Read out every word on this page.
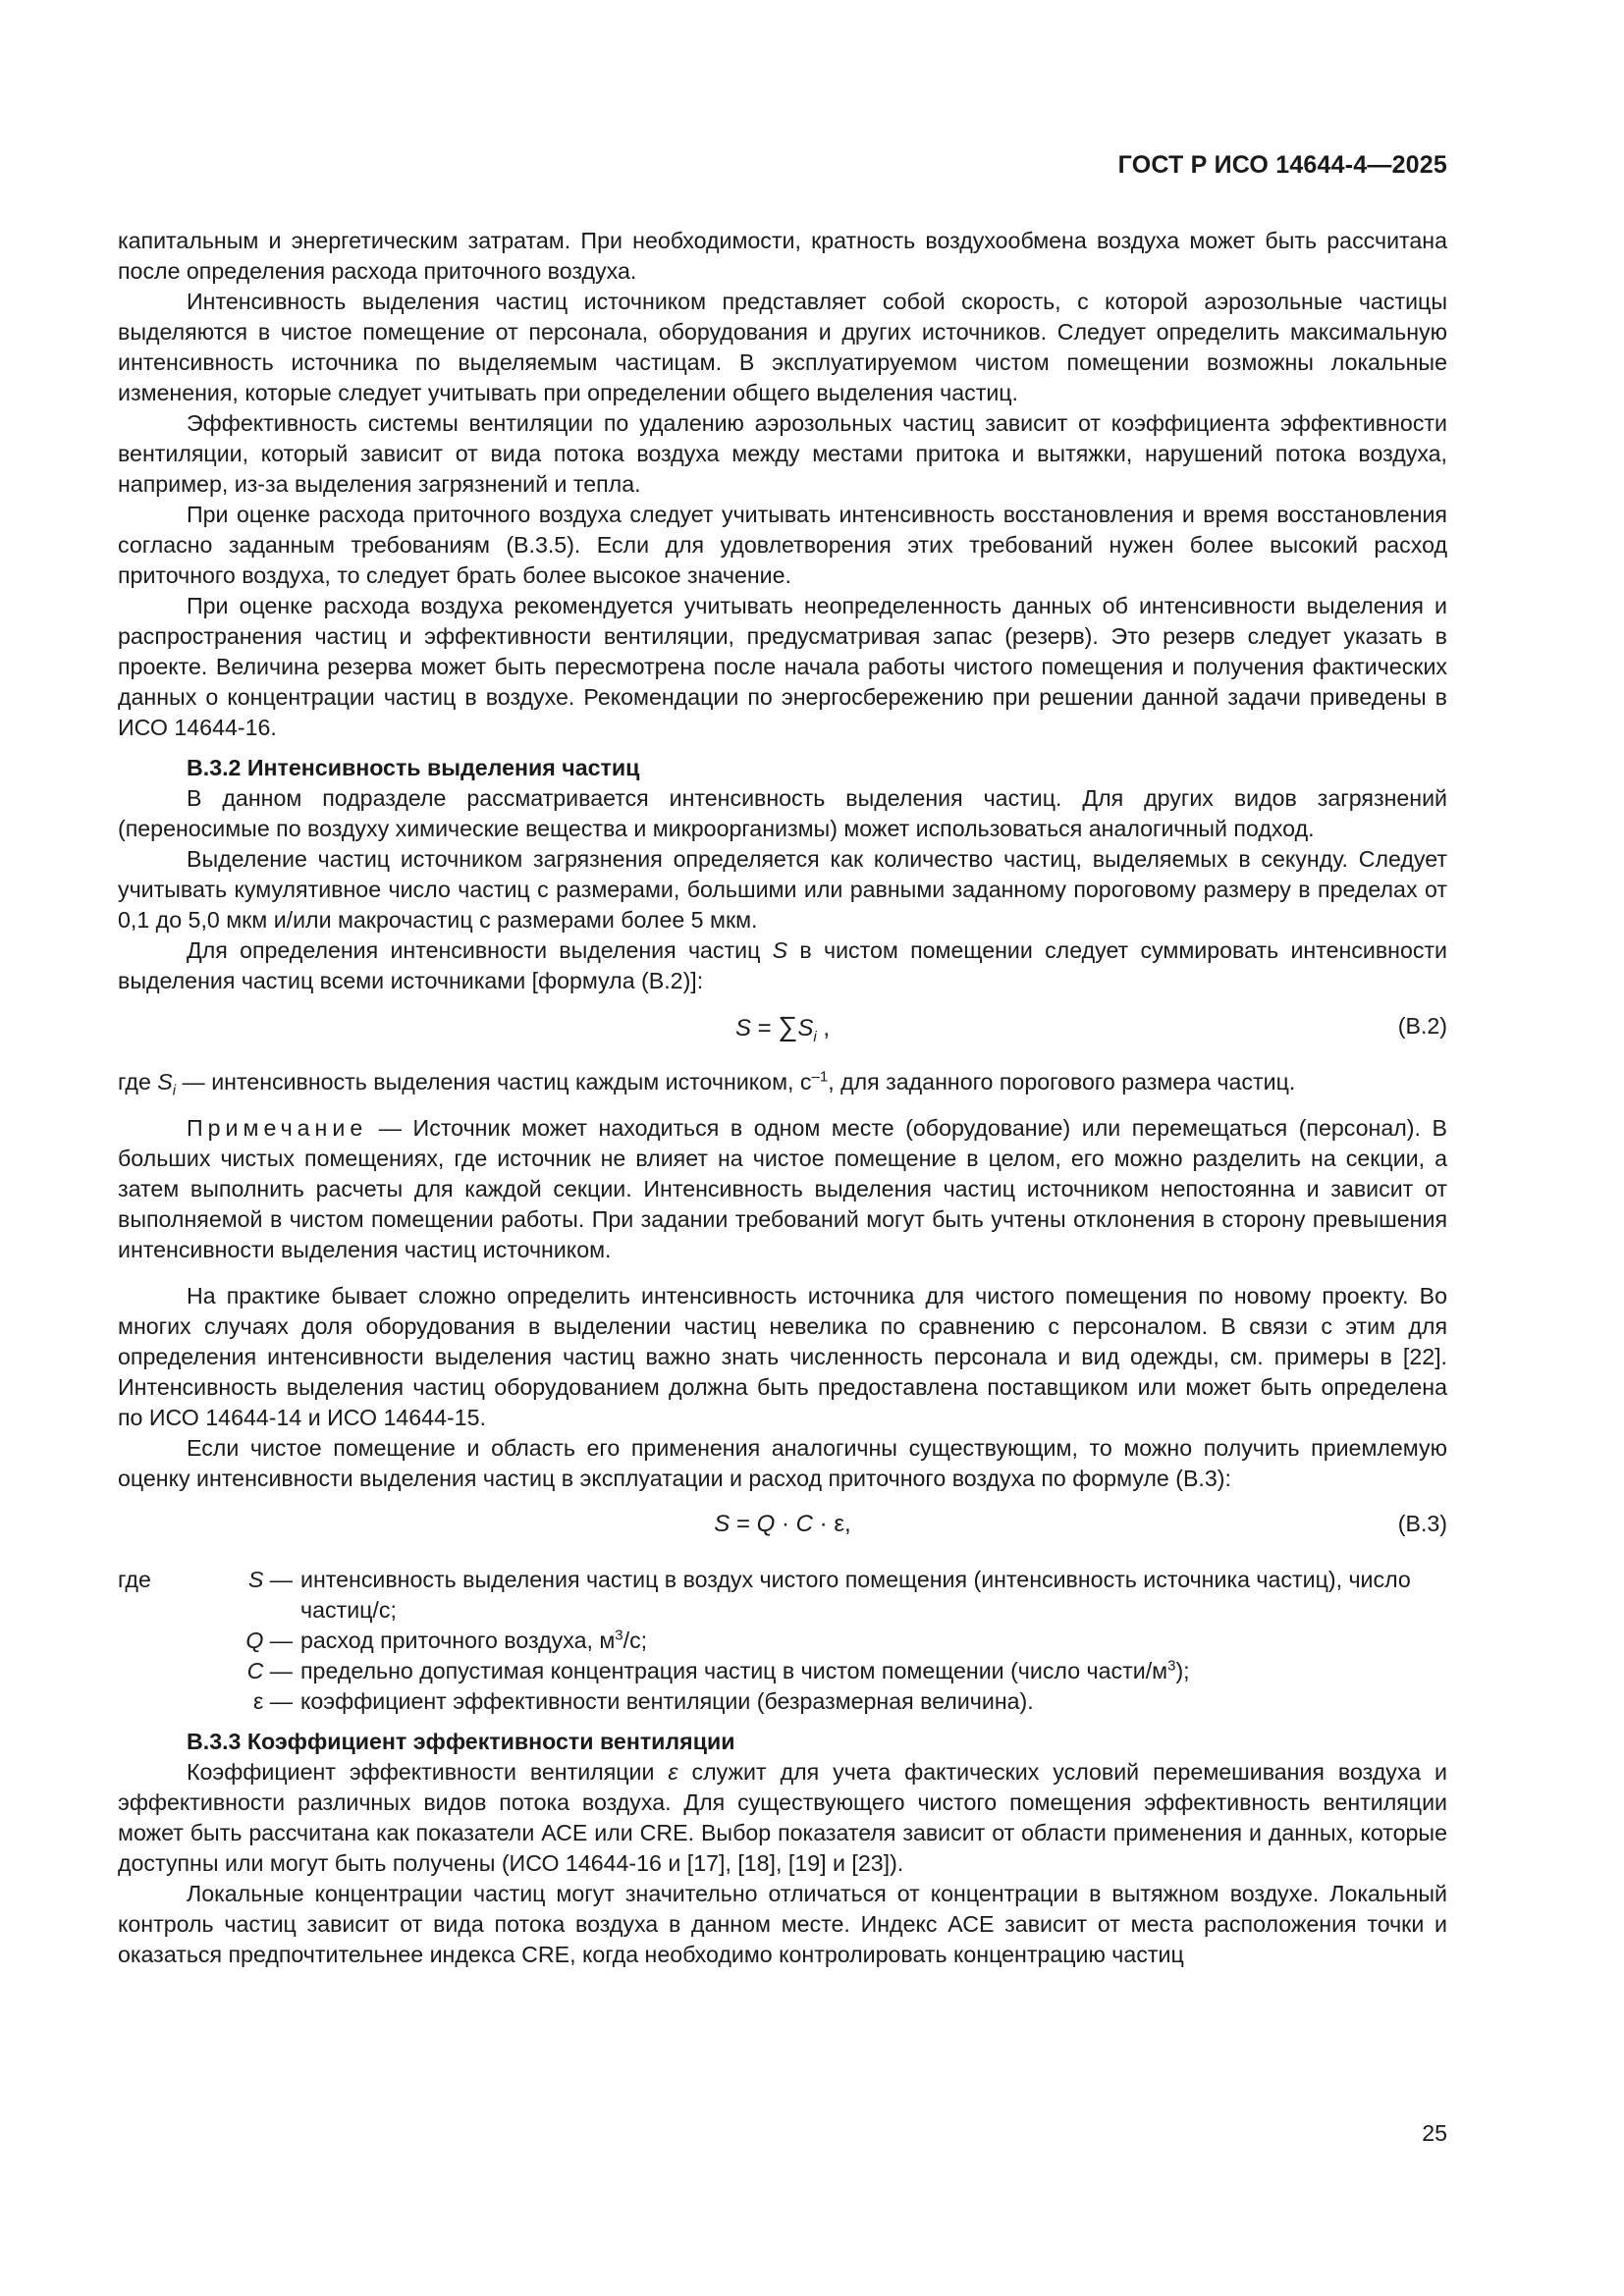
ГОСТ Р ИСО 14644-4—2025

капитальным и энергетическим затратам. При необходимости, кратность воздухообмена воздуха может быть рассчитана после определения расхода приточного воздуха.

Интенсивность выделения частиц источником представляет собой скорость, с которой аэрозольные частицы выделяются в чистое помещение от персонала, оборудования и других источников. Следует определить максимальную интенсивность источника по выделяемым частицам. В эксплуатируемом чистом помещении возможны локальные изменения, которые следует учитывать при определении общего выделения частиц.

Эффективность системы вентиляции по удалению аэрозольных частиц зависит от коэффициента эффективности вентиляции, который зависит от вида потока воздуха между местами притока и вытяжки, нарушений потока воздуха, например, из-за выделения загрязнений и тепла.

При оценке расхода приточного воздуха следует учитывать интенсивность восстановления и время восстановления согласно заданным требованиям (В.3.5). Если для удовлетворения этих требований нужен более высокий расход приточного воздуха, то следует брать более высокое значение.

При оценке расхода воздуха рекомендуется учитывать неопределенность данных об интенсивности выделения и распространения частиц и эффективности вентиляции, предусматривая запас (резерв). Это резерв следует указать в проекте. Величина резерва может быть пересмотрена после начала работы чистого помещения и получения фактических данных о концентрации частиц в воздухе. Рекомендации по энергосбережению при решении данной задачи приведены в ИСО 14644-16.

В.3.2 Интенсивность выделения частиц

В данном подразделе рассматривается интенсивность выделения частиц. Для других видов загрязнений (переносимые по воздуху химические вещества и микроорганизмы) может использоваться аналогичный подход.

Выделение частиц источником загрязнения определяется как количество частиц, выделяемых в секунду. Следует учитывать кумулятивное число частиц с размерами, большими или равными заданному пороговому размеру в пределах от 0,1 до 5,0 мкм и/или макрочастиц с размерами более 5 мкм.

Для определения интенсивности выделения частиц S в чистом помещении следует суммировать интенсивности выделения частиц всеми источниками [формула (В.2)]:

$S = \sum S_i$ ,	(В.2)

где $S_i$ — интенсивность выделения частиц каждым источником, $с^{-1}$, для заданного порогового размера частиц.

Примечание — Источник может находиться в одном месте (оборудование) или перемещаться (персонал). В больших чистых помещениях, где источник не влияет на чистое помещение в целом, его можно разделить на секции, а затем выполнить расчеты для каждой секции. Интенсивность выделения частиц источником непостоянна и зависит от выполняемой в чистом помещении работы. При задании требований могут быть учтены отклонения в сторону превышения интенсивности выделения частиц источником.

На практике бывает сложно определить интенсивность источника для чистого помещения по новому проекту. Во многих случаях доля оборудования в выделении частиц невелика по сравнению с персоналом. В связи с этим для определения интенсивности выделения частиц важно знать численность персонала и вид одежды, см. примеры в [22]. Интенсивность выделения частиц оборудованием должна быть предоставлена поставщиком или может быть определена по ИСО 14644-14 и ИСО 14644-15.

Если чистое помещение и область его применения аналогичны существующим, то можно получить приемлемую оценку интенсивности выделения частиц в эксплуатации и расход приточного воздуха по формуле (В.3):

S = Q · C · ε,	(В.3)
где	S — интенсивность выделения частиц в воздух чистого помещения (интенсивность источника частиц), число частиц/с;
Q — расход приточного воздуха, $м^3/с$;
C — предельно допустимая концентрация частиц в чистом помещении (число части/$м^3$);
ε — коэффициент эффективности вентиляции (безразмерная величина).
В.3.3 Коэффициент эффективности вентиляции

Коэффициент эффективности вентиляции ε служит для учета фактических условий перемешивания воздуха и эффективности различных видов потока воздуха. Для существующего чистого помещения эффективность вентиляции может быть рассчитана как показатели АСЕ или CRE. Выбор показателя зависит от области применения и данных, которые доступны или могут быть получены (ИСО 14644-16 и [17], [18], [19] и [23]).

Локальные концентрации частиц могут значительно отличаться от концентрации в вытяжном воздухе. Локальный контроль частиц зависит от вида потока воздуха в данном месте. Индекс АСЕ зависит от места расположения точки и оказаться предпочтительнее индекса CRE, когда необходимо контролировать концентрацию частиц

25
